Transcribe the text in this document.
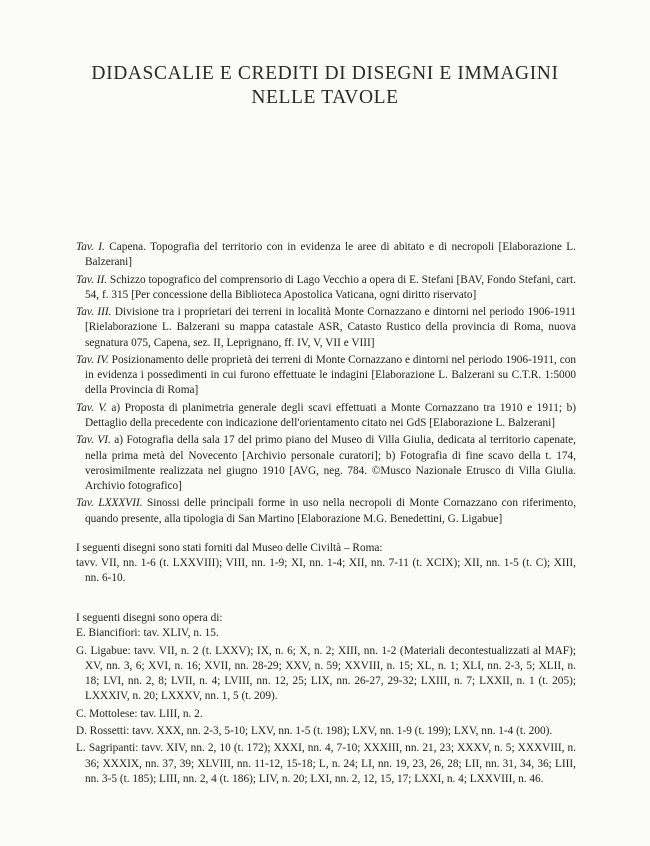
DIDASCALIE E CREDITI DI DISEGNI E IMMAGINI
NELLE TAVOLE

Tav. I. Capena. Topografia del territorio con in evidenza le aree di abitato e di necropoli [Elaborazione L. Balzerani]

Tav. II. Schizzo topografico del comprensorio di Lago Vecchio a opera di E. Stefani [BAV, Fondo Stefani, cart. 54, f. 315 [Per concessione della Biblioteca Apostolica Vaticana, ogni diritto riservato]

Tav. III. Divisione tra i proprietari dei terreni in località Monte Cornazzano e dintorni nel periodo 1906-1911 [Rielaborazione L. Balzerani su mappa catastale ASR, Catasto Rustico della provincia di Roma, nuova segnatura 075, Capena, sez. II, Leprignano, ff. IV, V, VII e VIII]

Tav. IV. Posizionamento delle proprietà dei terreni di Monte Cornazzano e dintorni nel periodo 1906-1911, con in evidenza i possedimenti in cui furono effettuate le indagini [Elaborazione L. Balzerani su C.T.R. 1:5000 della Provincia di Roma]

Tav. V. a) Proposta di planimetria generale degli scavi effettuati a Monte Cornazzano tra 1910 e 1911; b) Dettaglio della precedente con indicazione dell'orientamento citato nei GdS [Elaborazione L. Balzerani]

Tav. VI. a) Fotografia della sala 17 del primo piano del Museo di Villa Giulia, dedicata al territorio capenate, nella prima metà del Novecento [Archivio personale curatori]; b) Fotografia di fine scavo della t. 174, verosimilmente realizzata nel giugno 1910 [AVG, neg. 784. ©Musco Nazionale Etrusco di Villa Giulia. Archivio fotografico]

Tav. LXXXVII. Sinossi delle principali forme in uso nella necropoli di Monte Cornazzano con riferimento, quando presente, alla tipologia di San Martino [Elaborazione M.G. Benedettini, G. Ligabue]

I seguenti disegni sono stati forniti dal Museo delle Civiltà – Roma:

tavv. VII, nn. 1-6 (t. LXXVIII); VIII, nn. 1-9; XI, nn. 1-4; XII, nn. 7-11 (t. XCIX); XII, nn. 1-5 (t. C); XIII, nn. 6-10.

I seguenti disegni sono opera di:

E. Biancifiori: tav. XLIV, n. 15.

G. Ligabue: tavv. VII, n. 2 (t. LXXV); IX, n. 6; X, n. 2; XIII, nn. 1-2 (Materiali decontestualizzati al MAF); XV, nn. 3, 6; XVI, n. 16; XVII, nn. 28-29; XXV, n. 59; XXVIII, n. 15; XL, n. 1; XLI, nn. 2-3, 5; XLII, n. 18; LVI, nn. 2, 8; LVII, n. 4; LVIII, nn. 12, 25; LIX, nn. 26-27, 29-32; LXIII, n. 7; LXXII, n. 1 (t. 205); LXXXIV, n. 20; LXXXV, nn. 1, 5 (t. 209).

C. Mottolese: tav. LIII, n. 2.

D. Rossetti: tavv. XXX, nn. 2-3, 5-10; LXV, nn. 1-5 (t. 198); LXV, nn. 1-9 (t. 199); LXV, nn. 1-4 (t. 200).

L. Sagripanti: tavv. XIV, nn. 2, 10 (t. 172); XXXI, nn. 4, 7-10; XXXIII, nn. 21, 23; XXXV, n. 5; XXXVIII, n. 36; XXXIX, nn. 37, 39; XLVIII, nn. 11-12, 15-18; L, n. 24; LI, nn. 19, 23, 26, 28; LII, nn. 31, 34, 36; LIII, nn. 3-5 (t. 185); LIII, nn. 2, 4 (t. 186); LIV, n. 20; LXI, nn. 2, 12, 15, 17; LXXI, n. 4; LXXVIII, n. 46.
